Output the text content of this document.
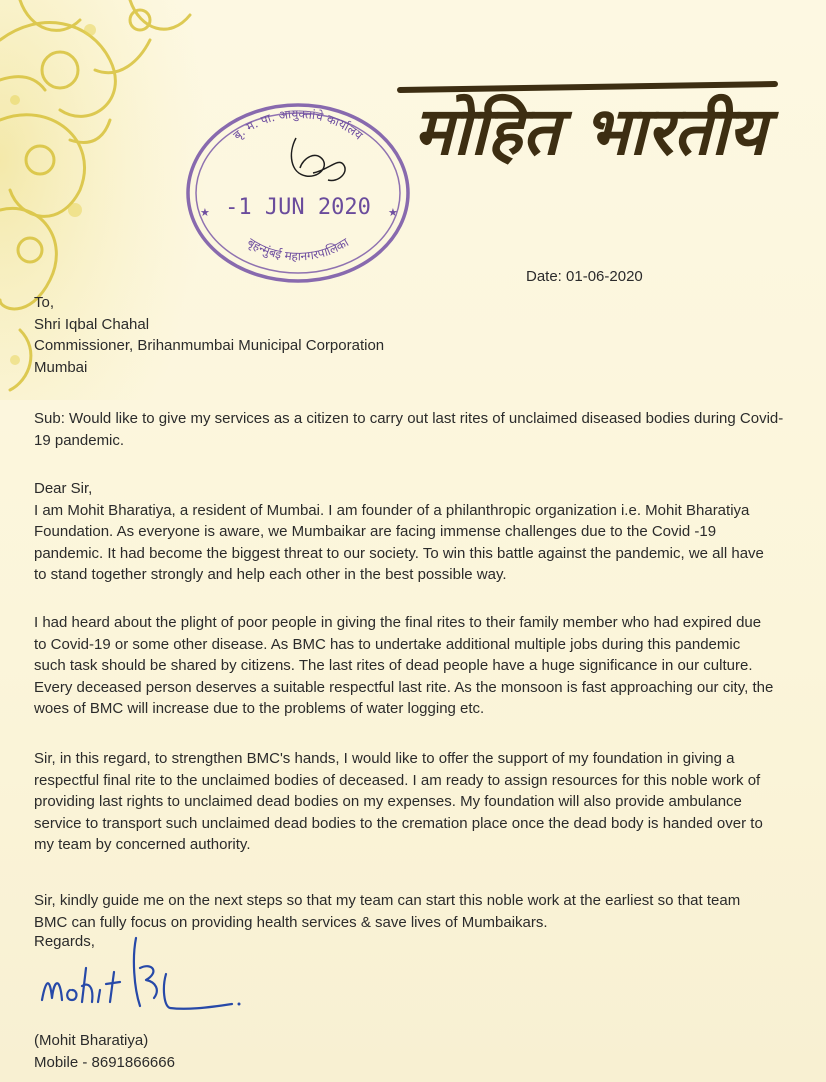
मोहित भारतीय
बृ. म. पा. आयुक्तांचे कार्यालय
बृहन्मुंबई महानगरपालिका
-1 JUN 2020
★	★
Date: 01-06-2020

To,
Shri Iqbal Chahal
Commissioner, Brihanmumbai Municipal Corporation
Mumbai

Sub: Would like to give my services as a citizen to carry out last rites of unclaimed diseased bodies during Covid-
19 pandemic.

Dear Sir,
I am Mohit Bharatiya, a resident of Mumbai. I am founder of a philanthropic organization i.e. Mohit Bharatiya
Foundation. As everyone is aware, we Mumbaikar are facing immense challenges due to the Covid -19
pandemic. It had become the biggest threat to our society. To win this battle against the pandemic, we all have
to stand together strongly and help each other in the best possible way.

I had heard about the plight of poor people in giving the final rites to their family member who had expired due
to Covid-19 or some other disease. As BMC has to undertake additional multiple jobs during this pandemic
such task should be shared by citizens. The last rites of dead people have a huge significance in our culture.
Every deceased person deserves a suitable respectful last rite. As the monsoon is fast approaching our city, the
woes of BMC will increase due to the problems of water logging etc.

Sir, in this regard, to strengthen BMC's hands, I would like to offer the support of my foundation in giving a
respectful final rite to the unclaimed bodies of deceased. I am ready to assign resources for this noble work of
providing last rights to unclaimed dead bodies on my expenses. My foundation will also provide ambulance
service to transport such unclaimed dead bodies to the cremation place once the dead body is handed over to
my team by concerned authority.

Sir, kindly guide me on the next steps so that my team can start this noble work at the earliest so that team
BMC can fully focus on providing health services & save lives of Mumbaikars.

Regards,
(Mohit Bharatiya)
Mobile - 8691866666
